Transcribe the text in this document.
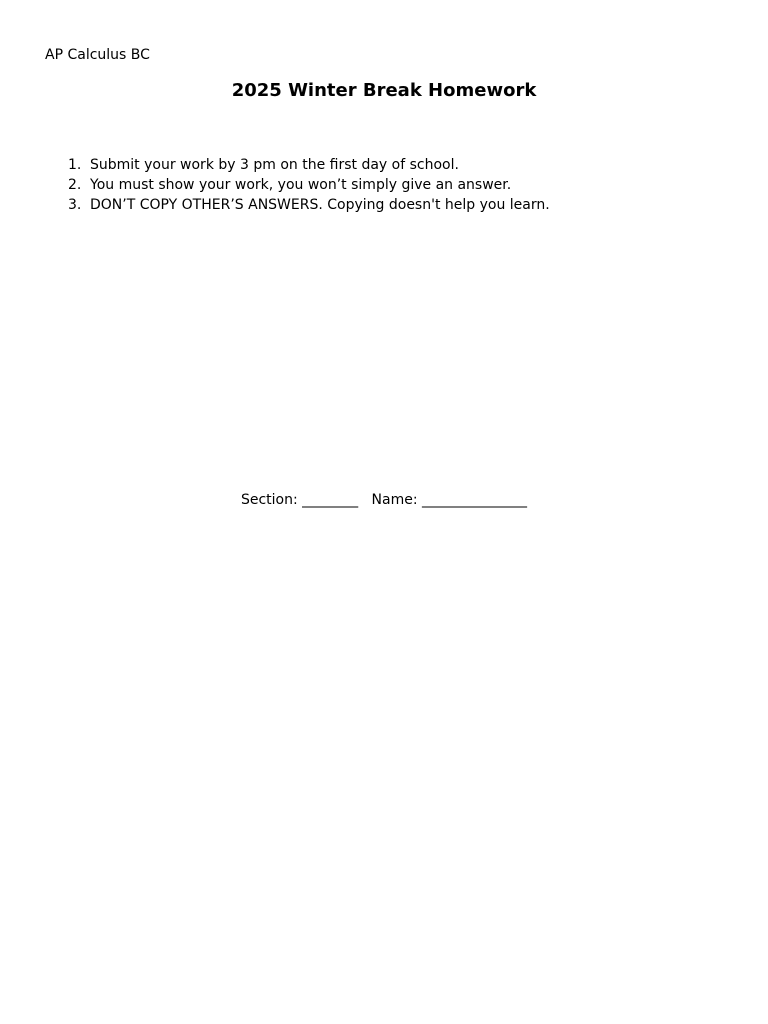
AP Calculus BC
2025 Winter Break Homework
1. Submit your work by 3 pm on the first day of school.
2. You must show your work, you won’t simply give an answer.
3. DON’T COPY OTHER’S ANSWERS. Copying doesn't help you learn.
Section: ________ Name: _______________
